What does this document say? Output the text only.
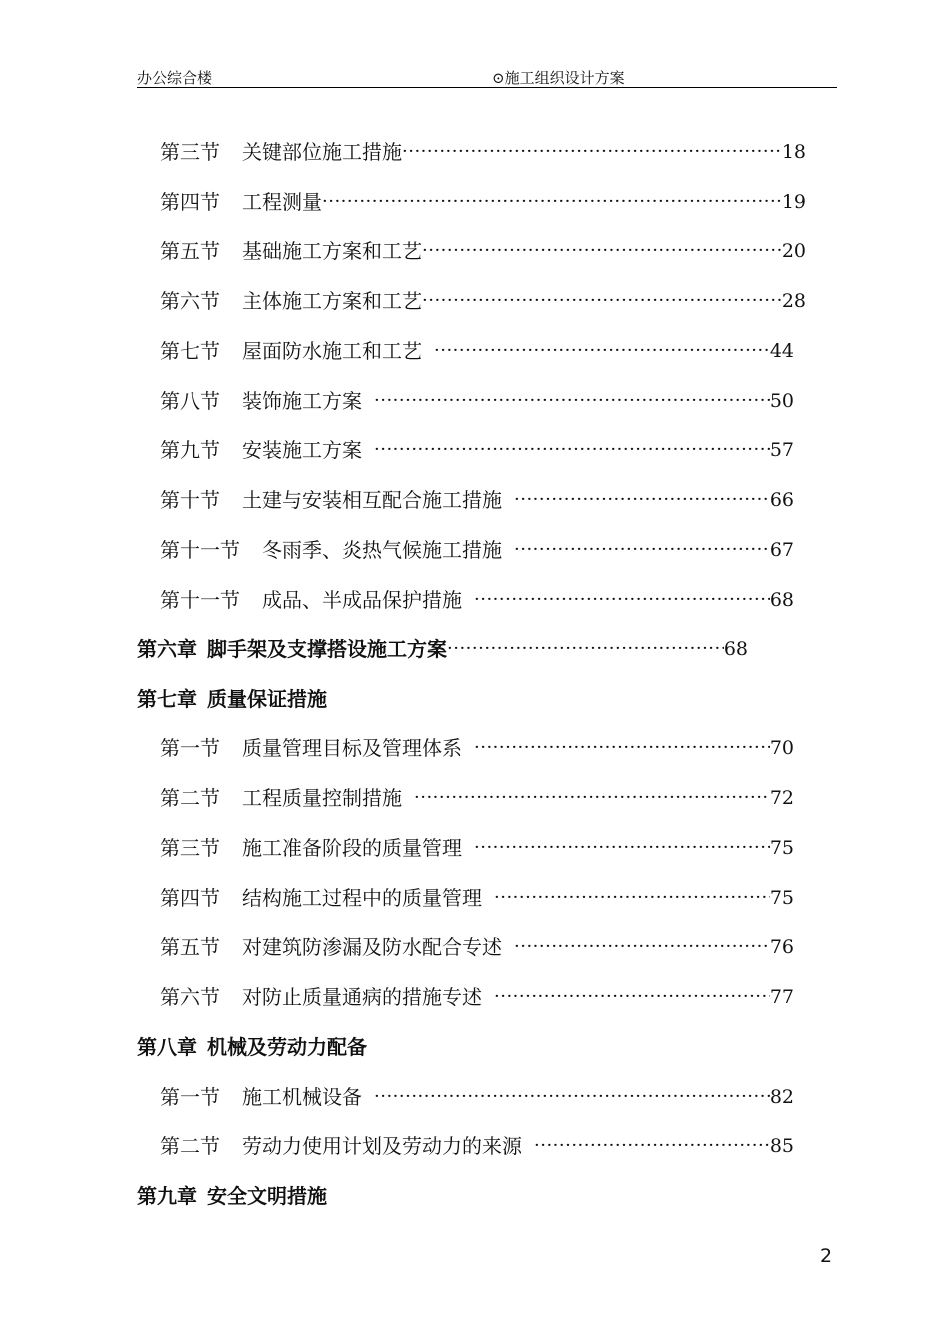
办公综合楼	⊙施工组织设计方案
第三节 关键部位施工措施 ·····	18
第四节 工程测量 ·····	19
第五节 基础施工方案和工艺 ·····	20
第六节 主体施工方案和工艺 ·····	28
第七节 屋面防水施工和工艺 ·····	44
第八节 装饰施工方案 ·····	50
第九节 安装施工方案 ·····	57
第十节 土建与安装相互配合施工措施 ·····	66
第十一节 冬雨季、炎热气候施工措施 ·····	67
第十一节 成品、半成品保护措施 ·····	68
第六章 脚手架及支撑搭设施工方案 ·····	68
第七章 质量保证措施
第一节 质量管理目标及管理体系 ·····	70
第二节 工程质量控制措施 ·····	72
第三节 施工准备阶段的质量管理 ·····	75
第四节 结构施工过程中的质量管理 ·····	75
第五节 对建筑防渗漏及防水配合专述 ·····	76
第六节 对防止质量通病的措施专述 ·····	77
第八章 机械及劳动力配备
第一节 施工机械设备 ·····	82
第二节 劳动力使用计划及劳动力的来源 ·····	85
第九章 安全文明措施
2
